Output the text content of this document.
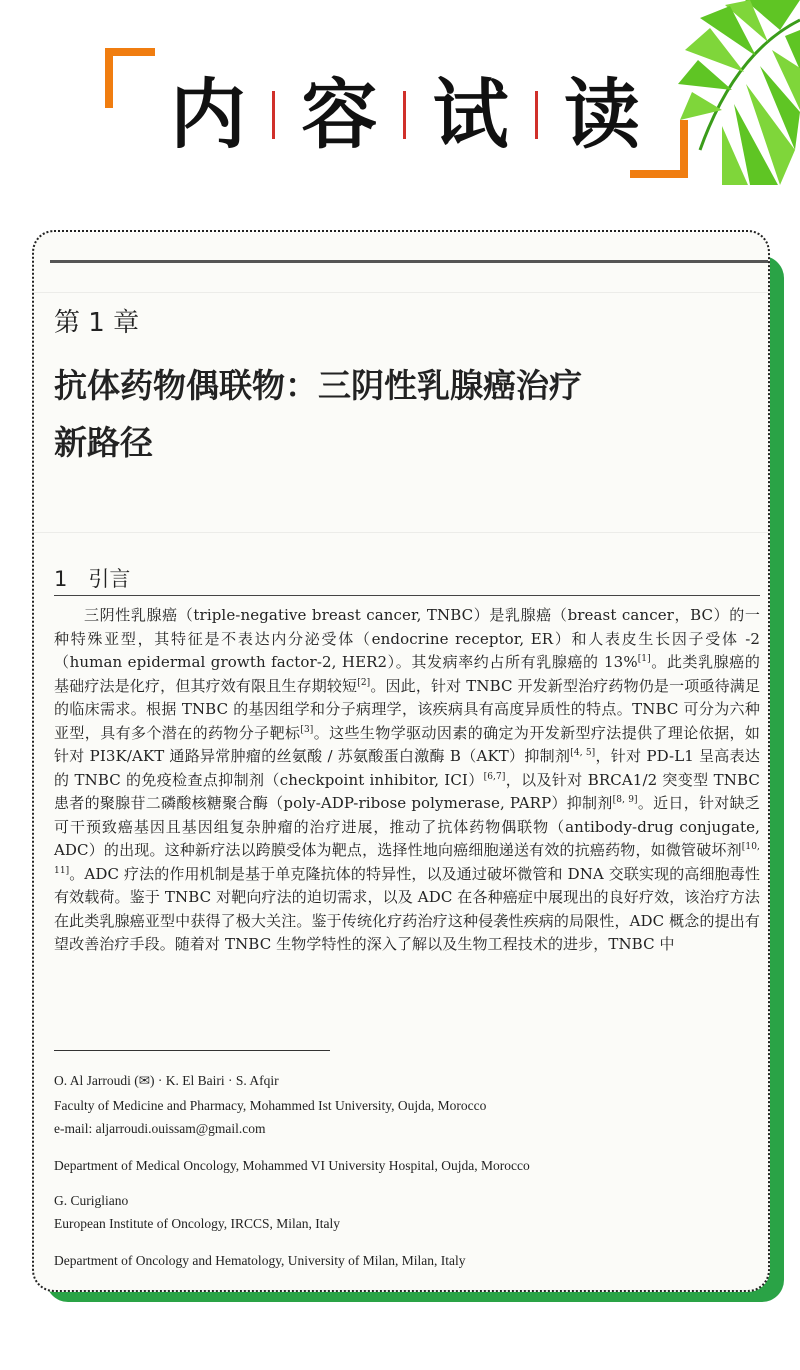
内 容 试 读
第 1 章
抗体药物偶联物：三阴性乳腺癌治疗
新路径
1　引言
三阴性乳腺癌（triple-negative breast cancer, TNBC）是乳腺癌（breast cancer，BC）的一种特殊亚型，其特征是不表达内分泌受体（endocrine receptor, ER）和人表皮生长因子受体 -2（human epidermal growth factor-2, HER2）。其发病率约占所有乳腺癌的 13%[1]。此类乳腺癌的基础疗法是化疗，但其疗效有限且生存期较短[2]。因此，针对 TNBC 开发新型治疗药物仍是一项亟待满足的临床需求。根据 TNBC 的基因组学和分子病理学，该疾病具有高度异质性的特点。TNBC 可分为六种亚型，具有多个潜在的药物分子靶标[3]。这些生物学驱动因素的确定为开发新型疗法提供了理论依据，如针对 PI3K/AKT 通路异常肿瘤的丝氨酸 / 苏氨酸蛋白激酶 B（AKT）抑制剂[4, 5]，针对 PD-L1 呈高表达的 TNBC 的免疫检查点抑制剂（checkpoint inhibitor, ICI）[6,7]，以及针对 BRCA1/2 突变型 TNBC 患者的聚腺苷二磷酸核糖聚合酶（poly-ADP-ribose polymerase, PARP）抑制剂[8, 9]。近日，针对缺乏可干预致癌基因且基因组复杂肿瘤的治疗进展，推动了抗体药物偶联物（antibody-drug conjugate, ADC）的出现。这种新疗法以跨膜受体为靶点，选择性地向癌细胞递送有效的抗癌药物，如微管破坏剂[10, 11]。ADC 疗法的作用机制是基于单克隆抗体的特异性，以及通过破坏微管和 DNA 交联实现的高细胞毒性有效载荷。鉴于 TNBC 对靶向疗法的迫切需求，以及 ADC 在各种癌症中展现出的良好疗效，该治疗方法在此类乳腺癌亚型中获得了极大关注。鉴于传统化疗药治疗这种侵袭性疾病的局限性，ADC 概念的提出有望改善治疗手段。随着对 TNBC 生物学特性的深入了解以及生物工程技术的进步，TNBC 中
O. Al Jarroudi (✉) · K. El Bairi · S. Afqir
Faculty of Medicine and Pharmacy, Mohammed Ist University, Oujda, Morocco
e-mail: aljarroudi.ouissam@gmail.com
Department of Medical Oncology, Mohammed VI University Hospital, Oujda, Morocco
G. Curigliano
European Institute of Oncology, IRCCS, Milan, Italy
Department of Oncology and Hematology, University of Milan, Milan, Italy
